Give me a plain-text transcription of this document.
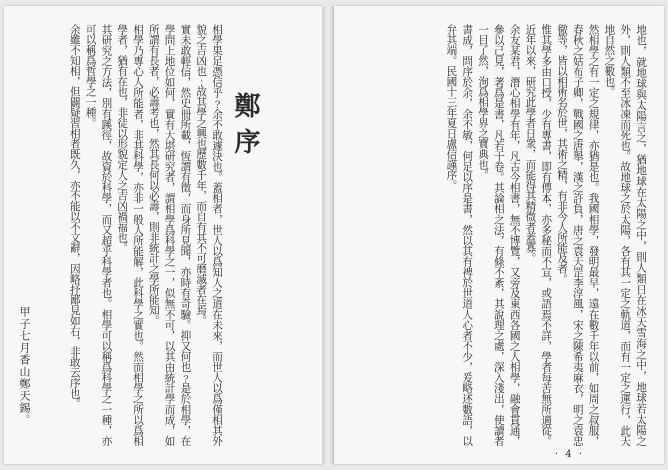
相學果足憑信乎﹖余不敢遽決也。蓋相者，世人以爲知人之道在未來，而世人以爲僅相其外貌之吉凶也﹔故其學之興也歷數千年，而自有其不可磨滅者在焉。

實未敢輕信，然史冊所載，恆謂有徵，而身所見聞，亦時有奇驗。抑又何也﹖是於相學，在學問上地位如何，實有大堪研究者，謂相學爲科學之一，似無不可，以其由統計學而成，如所謂有長者，必壽考也，然其長何以必壽，則非統計之學所能知。

相學乃專心人所能者，非其科學，亦非一般人所能解，此科學之實也。然而相學之所以爲相學者，猶有在也，非徒以形貌定人之吉凶禍福也。

其研究之方法，別有蹊徑，故資於科學，而又超乎科學者也。相學可以稱爲科學之一種，亦可以稱爲哲學之一種。

余雖不知相，但闢疑習相者既久，亦不能以不文辭，因略抒鄙見如右，非敢云序也。	鄭序
甲子七月香山鄭天錫。	地也，就地球與太陽言之，猶地球在太陽之中，則人類日在冰天雪海之中，地球若太陽之外，則人類不至冰凍而死也。故地球之於太陽，各有其一定之軌道，而有一定之運行，此天地自然之數也。

然相學之有一定之規律，亦猶是也。我國相學，發明最早，遠在數千年以前，如周之叔服，春秋之姑布子卿，戰國之唐舉，漢之許負，唐之袁天罡李淳風，宋之陳希夷麻衣，明之袁忠徹等，皆以相術名於世，其術之精，有非今人所能及者。

惟其學多由口授，少有專書，即有傳本，亦多秘而不宣，或語焉不詳，學者每苦無所適從。近年以來，研究此學者日衆，而能得其精微者蓋寡。

余友某君，潛心相學有年，凡古今相書，無不博覽，又旁及東西各國之人相學，融會貫通，參以己見，著爲是書，凡若干卷。其論相之法，有條不紊，其說理之處，深入淺出，使讀者一目了然，洵爲相學界之寶典也。

書成，問序於余，余不敏，何足以序是書，然以其有裨於世道人心者不少，爰略述數語，以弁其端。民國十三年夏日盧信謹序。

‧ 4 ‧
